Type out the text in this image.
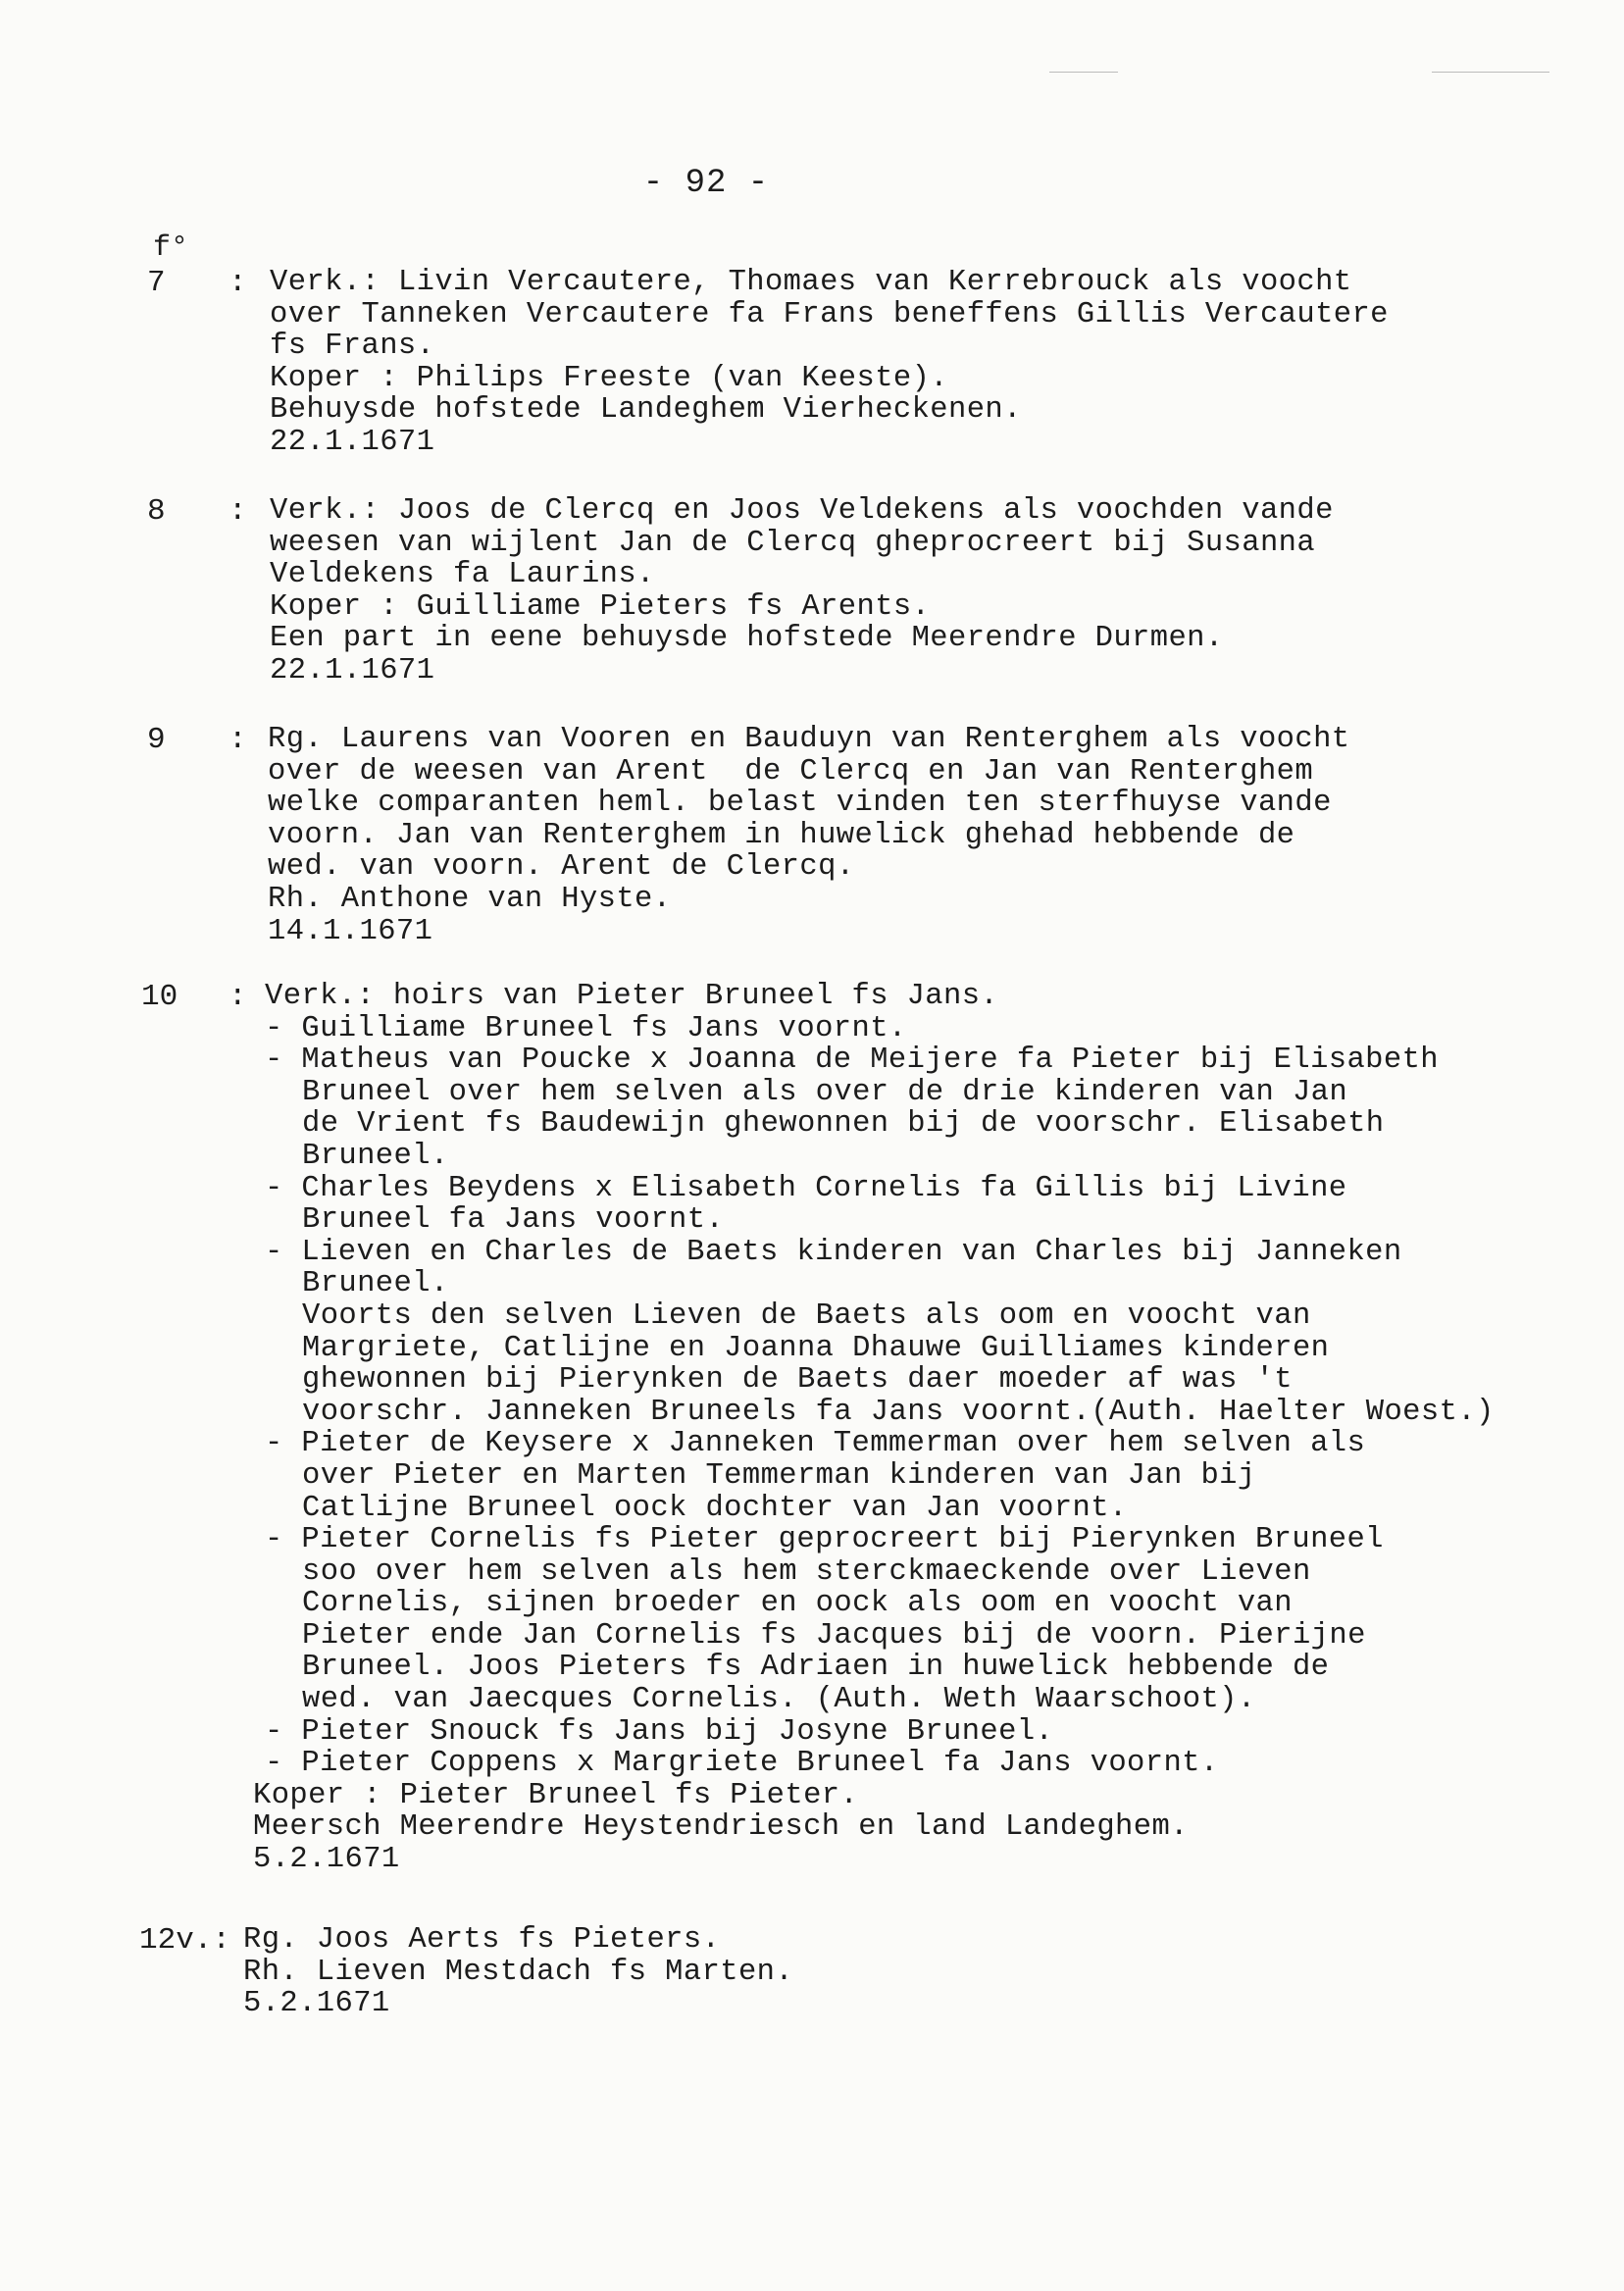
- 92 -
f°
7	: Verk.: Livin Vercautere, Thomaes van Kerrebrouck als voocht
over Tanneken Vercautere fa Frans beneffens Gillis Vercautere
fs Frans.
Koper : Philips Freeste (van Keeste).
Behuysde hofstede Landeghem Vierheckenen.
22.1.1671
8	: Verk.: Joos de Clercq en Joos Veldekens als voochden vande
weesen van wijlent Jan de Clercq gheprocreert bij Susanna
Veldekens fa Laurins.
Koper : Guilliame Pieters fs Arents.
Een part in eene behuysde hofstede Meerendre Durmen.
22.1.1671
9	: Rg. Laurens van Vooren en Bauduyn van Renterghem als voocht
over de weesen van Arent  de Clercq en Jan van Renterghem
welke comparanten heml. belast vinden ten sterfhuyse vande
voorn. Jan van Renterghem in huwelick ghehad hebbende de
wed. van voorn. Arent de Clercq.
Rh. Anthone van Hyste.
14.1.1671
10	: Verk.: hoirs van Pieter Bruneel fs Jans.
- Guilliame Bruneel fs Jans voornt.
- Matheus van Poucke x Joanna de Meijere fa Pieter bij Elisabeth
Bruneel over hem selven als over de drie kinderen van Jan
de Vrient fs Baudewijn ghewonnen bij de voorschr. Elisabeth
Bruneel.
- Charles Beydens x Elisabeth Cornelis fa Gillis bij Livine
Bruneel fa Jans voornt.
- Lieven en Charles de Baets kinderen van Charles bij Janneken
Bruneel.
Voorts den selven Lieven de Baets als oom en voocht van
Margriete, Catlijne en Joanna Dhauwe Guilliames kinderen
ghewonnen bij Pierynken de Baets daer moeder af was 't
voorschr. Janneken Bruneels fa Jans voornt.(Auth. Haelter Woest.)
- Pieter de Keysere x Janneken Temmerman over hem selven als
over Pieter en Marten Temmerman kinderen van Jan bij
Catlijne Bruneel oock dochter van Jan voornt.
- Pieter Cornelis fs Pieter geprocreert bij Pierynken Bruneel
soo over hem selven als hem sterckmaeckende over Lieven
Cornelis, sijnen broeder en oock als oom en voocht van
Pieter ende Jan Cornelis fs Jacques bij de voorn. Pierijne
Bruneel. Joos Pieters fs Adriaen in huwelick hebbende de
wed. van Jaecques Cornelis. (Auth. Weth Waarschoot).
- Pieter Snouck fs Jans bij Josyne Bruneel.
- Pieter Coppens x Margriete Bruneel fa Jans voornt.
Koper : Pieter Bruneel fs Pieter.
Meersch Meerendre Heystendriesch en land Landeghem.
5.2.1671
12v.: Rg. Joos Aerts fs Pieters.
Rh. Lieven Mestdach fs Marten.
5.2.1671
